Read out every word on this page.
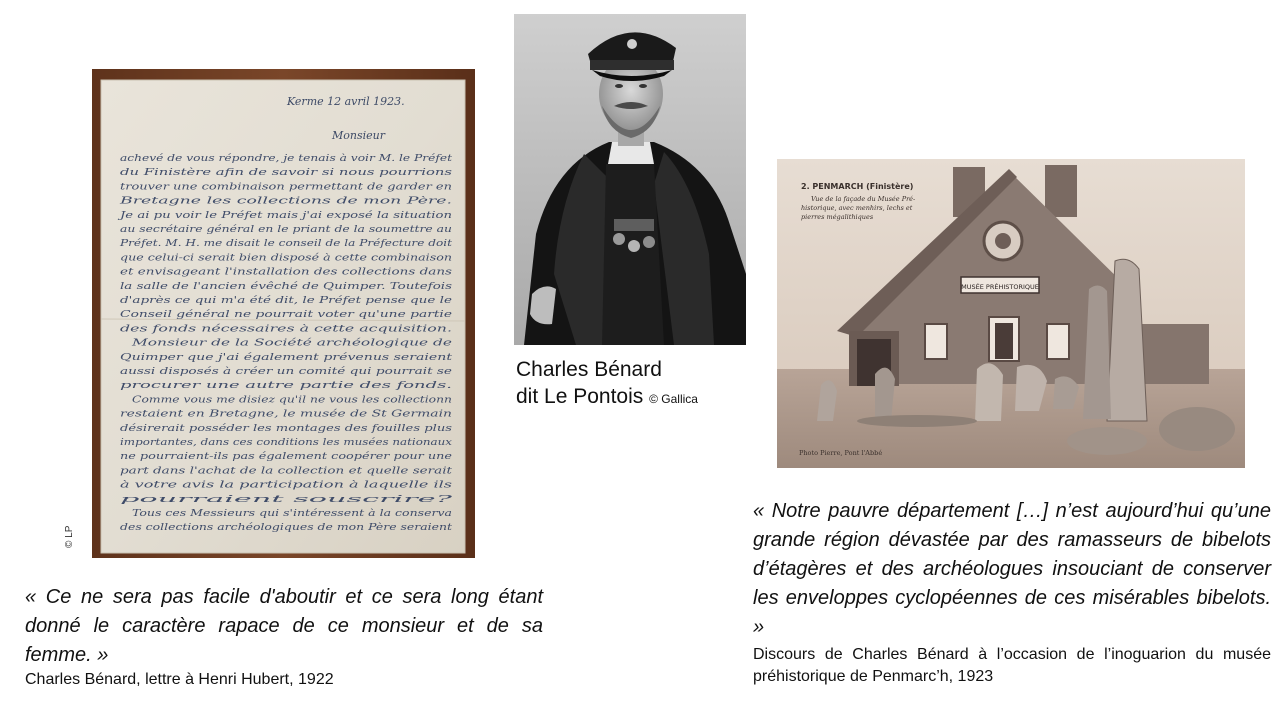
Kerme 12 avril 1923.
Monsieur
achevé de vous répondre, je tenais à voir M. le Préfet
du Finistère afin de savoir si nous pourrions
trouver une combinaison permettant de garder en
Bretagne les collections de mon Père.
Je ai pu voir le Préfet mais j'ai exposé la situation
au secrétaire général en le priant de la soumettre au
Préfet. M. H. me disait le conseil de la Préfecture doit
que celui-ci serait bien disposé à cette combinaison
et envisageant l'installation des collections dans
la salle de l'ancien évêché de Quimper. Toutefois
d'après ce qui m'a été dit, le Préfet pense que le
Conseil général ne pourrait voter qu'une partie
des fonds nécessaires à cette acquisition.
Monsieur de la Société archéologique de
Quimper que j'ai également prévenus seraient
aussi disposés à créer un comité qui pourrait se
procurer une autre partie des fonds.
Comme vous me disiez qu'il ne vous les collectionn
restaient en Bretagne, le musée de St Germain
désirerait posséder les montages des fouilles plus
importantes, dans ces conditions les musées nationaux
ne pourraient-ils pas également coopérer pour une
part dans l'achat de la collection et quelle serait
à votre avis la participation à laquelle ils
pourraient souscrire?
Tous ces Messieurs qui s'intéressent à la conserva
des collections archéologiques de mon Père seraient
© LP
Charles Bénard
dit Le Pontois © Gallica
MUSÉE PRÉHISTORIQUE
2. PENMARCH (Finistère)
Vue de la façade du Musée Pré-
historique, avec menhirs, lechs et
pierres mégalithiques
Photo Pierre, Pont l'Abbé
« Ce ne sera pas facile d'aboutir et ce sera long étant donné le caractère rapace de ce monsieur et de sa femme. »
Charles Bénard, lettre à Henri Hubert, 1922
« Notre pauvre département […] n’est aujourd’hui qu’une grande région dévastée par des ramasseurs de bibelots d’étagères et des archéologues insouciant de conserver les enveloppes cyclopéennes de ces misérables bibelots. »
Discours de Charles Bénard à l’occasion de l’inoguarion du musée préhistorique de Penmarc’h, 1923
